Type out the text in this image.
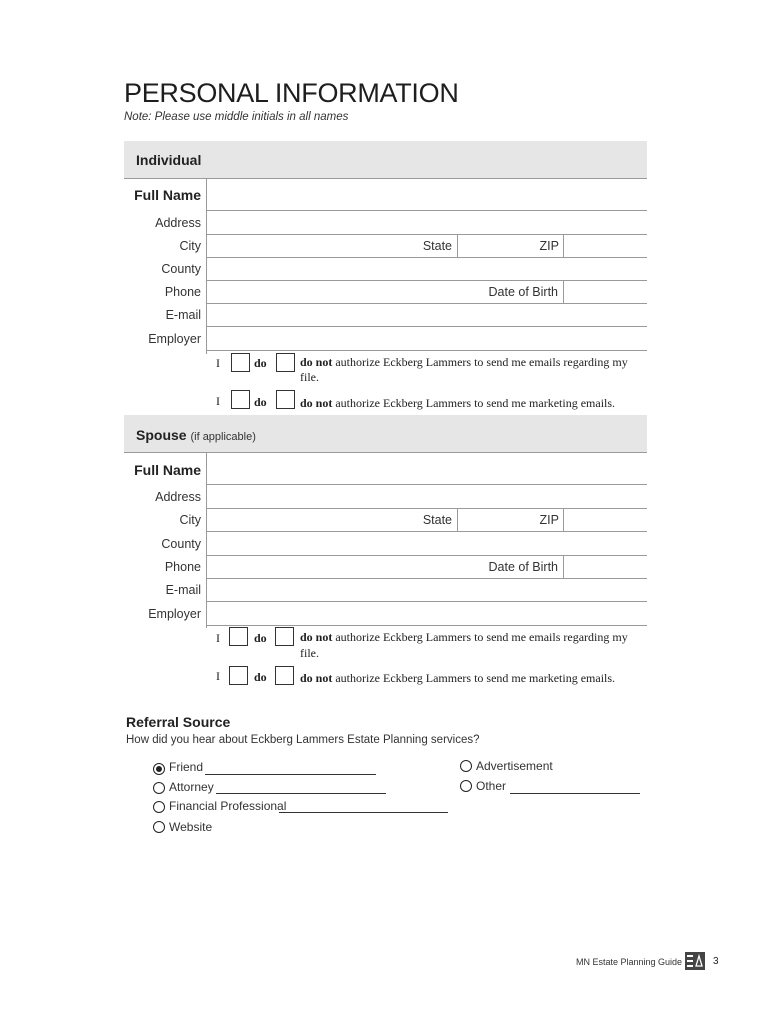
PERSONAL INFORMATION
Note: Please use middle initials in all names
Individual
Full Name
Address
City	State	ZIP
County
Phone	Date of Birth
E-mail
Employer
I	do	do not authorize Eckberg Lammers to send me emails regarding my
file.
I	do	do not authorize Eckberg Lammers to send me marketing emails.
Spouse (if applicable)
Full Name
Address
City	State	ZIP
County
Phone	Date of Birth
E-mail
Employer
I	do	do not authorize Eckberg Lammers to send me emails regarding my
file.
I	do	do not authorize Eckberg Lammers to send me marketing emails.
Referral Source
How did you hear about Eckberg Lammers Estate Planning services?
Friend
Attorney
Financial Professional
Website
Advertisement
Other
MN Estate Planning Guide	3
